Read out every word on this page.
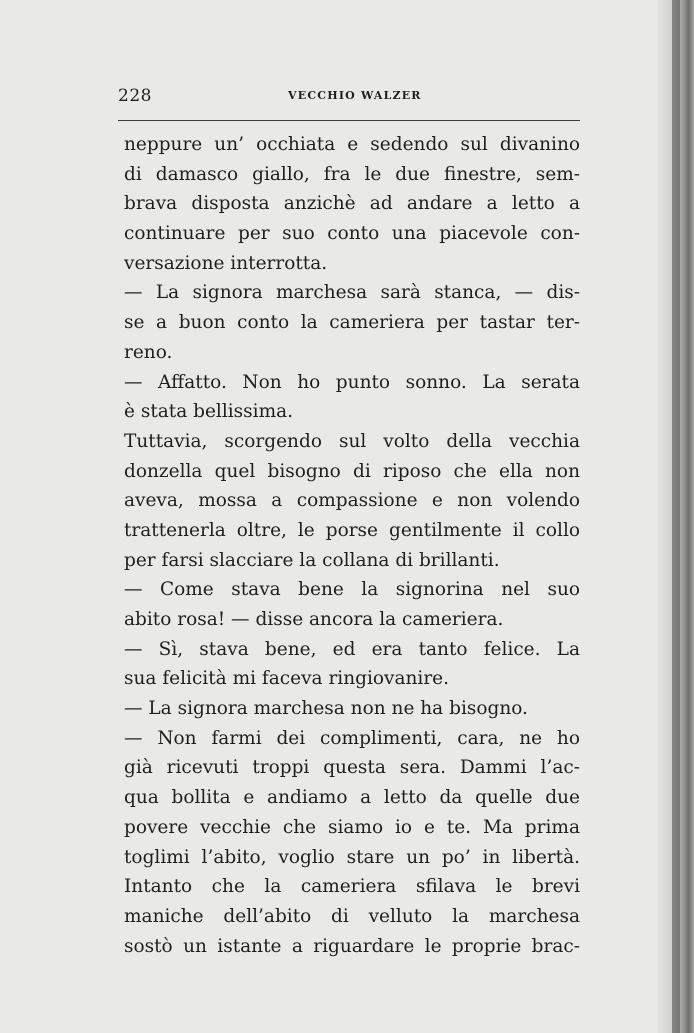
228	VECCHIO WALZER
neppure un’ occhiata e sedendo sul divanino
di damasco giallo, fra le due finestre, sem-
brava disposta anzichè ad andare a letto a
continuare per suo conto una piacevole con-
versazione interrotta.
— La signora marchesa sarà stanca, — dis-
se a buon conto la cameriera per tastar ter-
reno.
— Affatto. Non ho punto sonno. La serata
è stata bellissima.
Tuttavia, scorgendo sul volto della vecchia
donzella quel bisogno di riposo che ella non
aveva, mossa a compassione e non volendo
trattenerla oltre, le porse gentilmente il collo
per farsi slacciare la collana di brillanti.
— Come stava bene la signorina nel suo
abito rosa! — disse ancora la cameriera.
— Sì, stava bene, ed era tanto felice. La
sua felicità mi faceva ringiovanire.
— La signora marchesa non ne ha bisogno.
— Non farmi dei complimenti, cara, ne ho
già ricevuti troppi questa sera. Dammi l’ac-
qua bollita e andiamo a letto da quelle due
povere vecchie che siamo io e te. Ma prima
toglimi l’abito, voglio stare un po’ in libertà.
Intanto che la cameriera sfilava le brevi
maniche dell’abito di velluto la marchesa
sostò un istante a riguardare le proprie brac-
